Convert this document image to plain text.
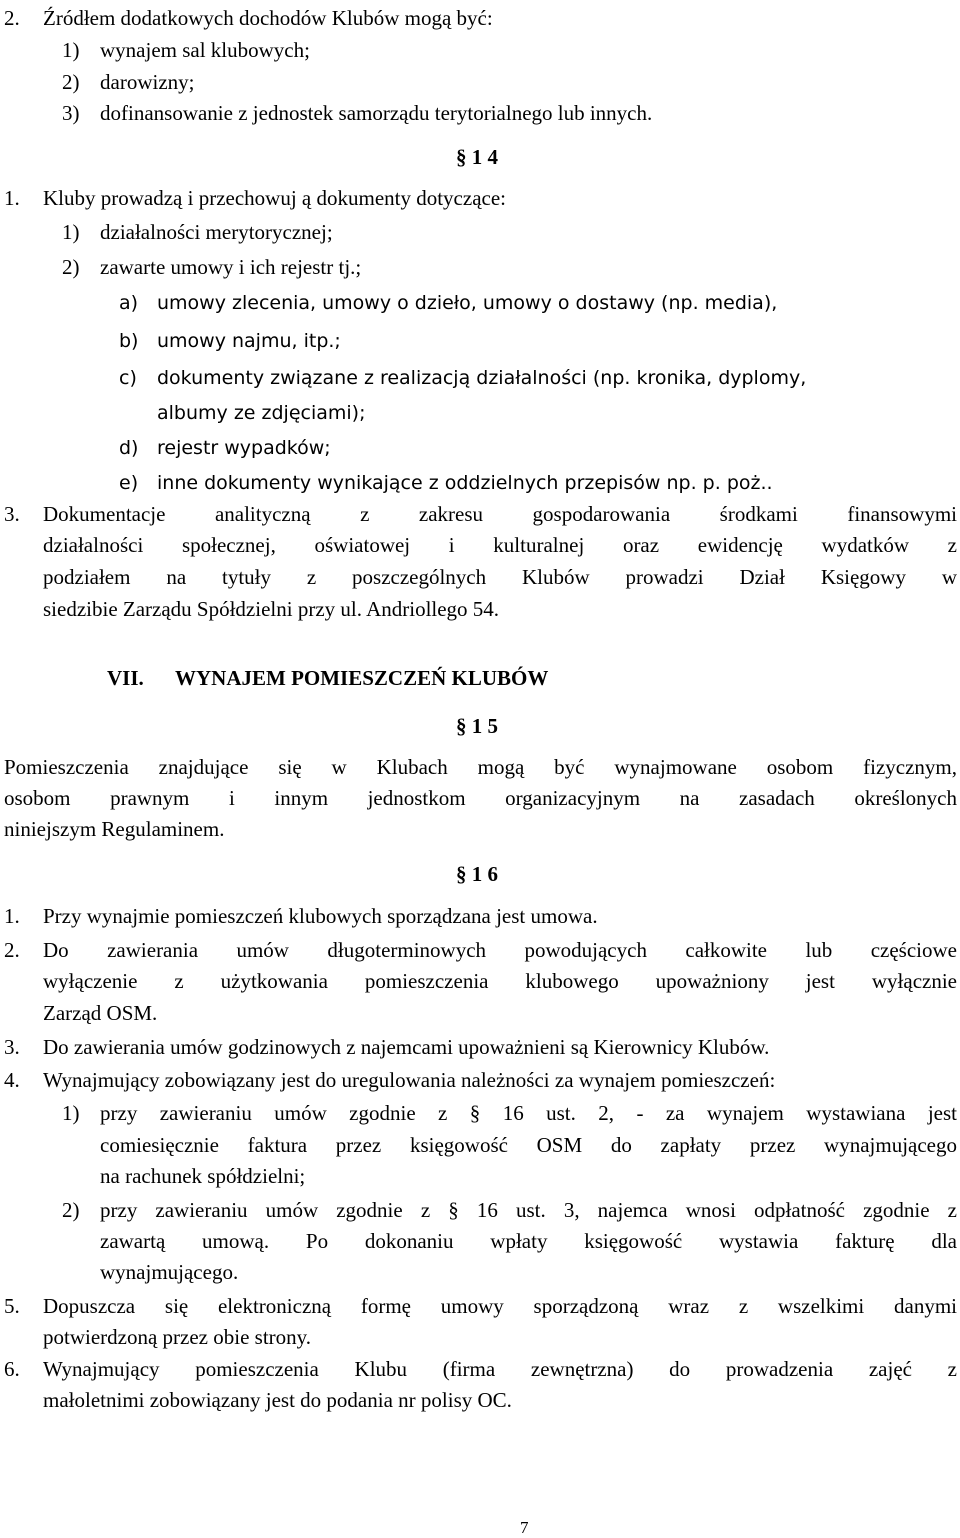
2. Źródłem dodatkowych dochodów Klubów mogą być:
1) wynajem sal klubowych;
2) darowizny;
3) dofinansowanie z jednostek samorządu terytorialnego lub innych.
§ 1 4
1. Kluby prowadzą i przechowuj ą dokumenty dotyczące:
1) działalności merytorycznej;
2) zawarte umowy i ich rejestr tj.;
a) umowy zlecenia, umowy o dzieło, umowy o dostawy (np. media),
b) umowy najmu, itp.;
c) dokumenty związane z realizacją działalności (np. kronika, dyplomy,
albumy ze zdjęciami);
d) rejestr wypadków;
e) inne dokumenty wynikające z oddzielnych przepisów np. p. poż..
3. Dokumentacje analityczną z zakresu gospodarowania środkami finansowymi
działalności społecznej, oświatowej i kulturalnej oraz ewidencję wydatków z
podziałem na tytuły z poszczególnych Klubów prowadzi Dział Księgowy w
siedzibie Zarządu Spółdzielni przy ul. Andriollego 54.
VII. WYNAJEM POMIESZCZEŃ KLUBÓW
§ 1 5
Pomieszczenia znajdujące się w Klubach mogą być wynajmowane osobom fizycznym,
osobom prawnym i innym jednostkom organizacyjnym na zasadach określonych
niniejszym Regulaminem.
§ 1 6
1. Przy wynajmie pomieszczeń klubowych sporządzana jest umowa.
2. Do zawierania umów długoterminowych powodujących całkowite lub częściowe
wyłączenie z użytkowania pomieszczenia klubowego upoważniony jest wyłącznie
Zarząd OSM.
3. Do zawierania umów godzinowych z najemcami upoważnieni są Kierownicy Klubów.
4. Wynajmujący zobowiązany jest do uregulowania należności za wynajem pomieszczeń:
1) przy zawieraniu umów zgodnie z § 16 ust. 2, - za wynajem wystawiana jest
comiesięcznie faktura przez księgowość OSM do zapłaty przez wynajmującego
na rachunek spółdzielni;
2) przy zawieraniu umów zgodnie z § 16 ust. 3, najemca wnosi odpłatność zgodnie z
zawartą umową. Po dokonaniu wpłaty księgowość wystawia fakturę dla
wynajmującego.
5. Dopuszcza się elektroniczną formę umowy sporządzoną wraz z wszelkimi danymi
potwierdzoną przez obie strony.
6. Wynajmujący pomieszczenia Klubu (firma zewnętrzna) do prowadzenia zajęć z
małoletnimi zobowiązany jest do podania nr polisy OC.
7
